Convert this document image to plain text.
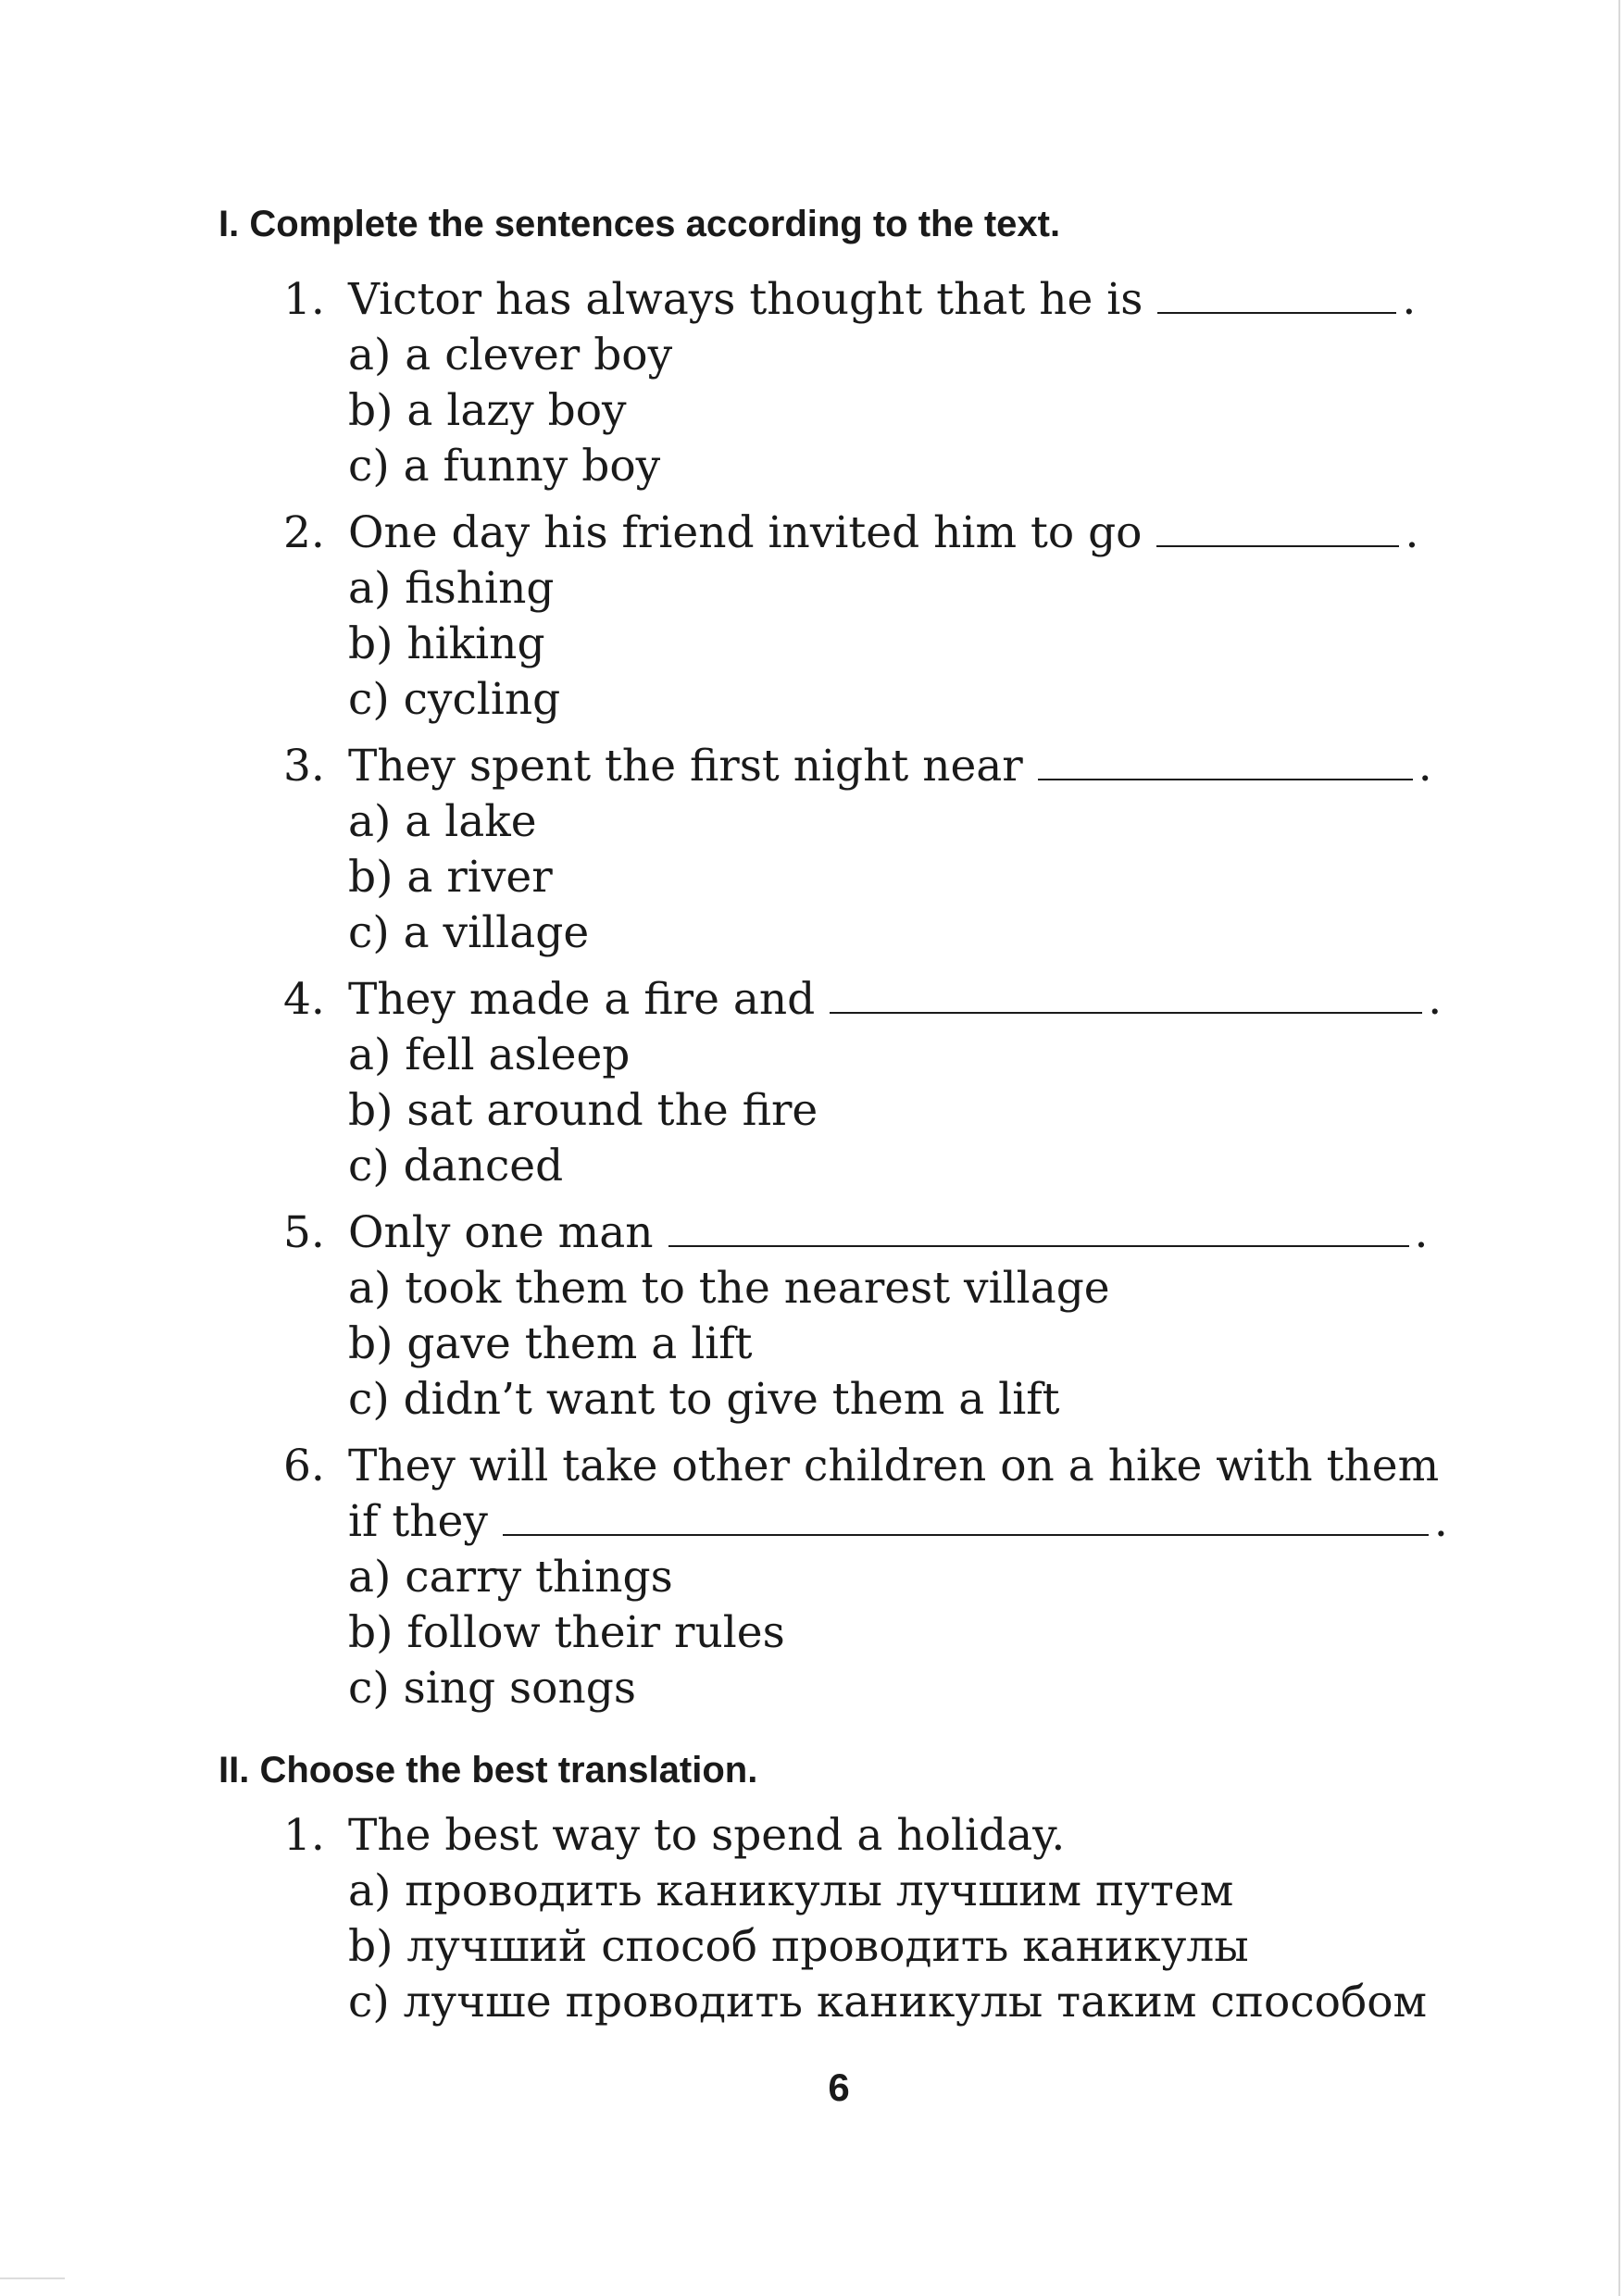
I. Complete the sentences according to the text.
1. Victor has always thought that he is	.
a) a clever boy
b) a lazy boy
c) a funny boy
2. One day his friend invited him to go	.
a) fishing
b) hiking
c) cycling
3. They spent the first night near	.
a) a lake
b) a river
c) a village
4. They made a fire and	.
a) fell asleep
b) sat around the fire
c) danced
5. Only one man	.
a) took them to the nearest village
b) gave them a lift
c) didn’t want to give them a lift
6. They will take other children on a hike with them
if they	.
a) carry things
b) follow their rules
c) sing songs
II. Choose the best translation.
1. The best way to spend a holiday.
a) проводить каникулы лучшим путем
b) лучший способ проводить каникулы
c) лучше проводить каникулы таким способом
6
